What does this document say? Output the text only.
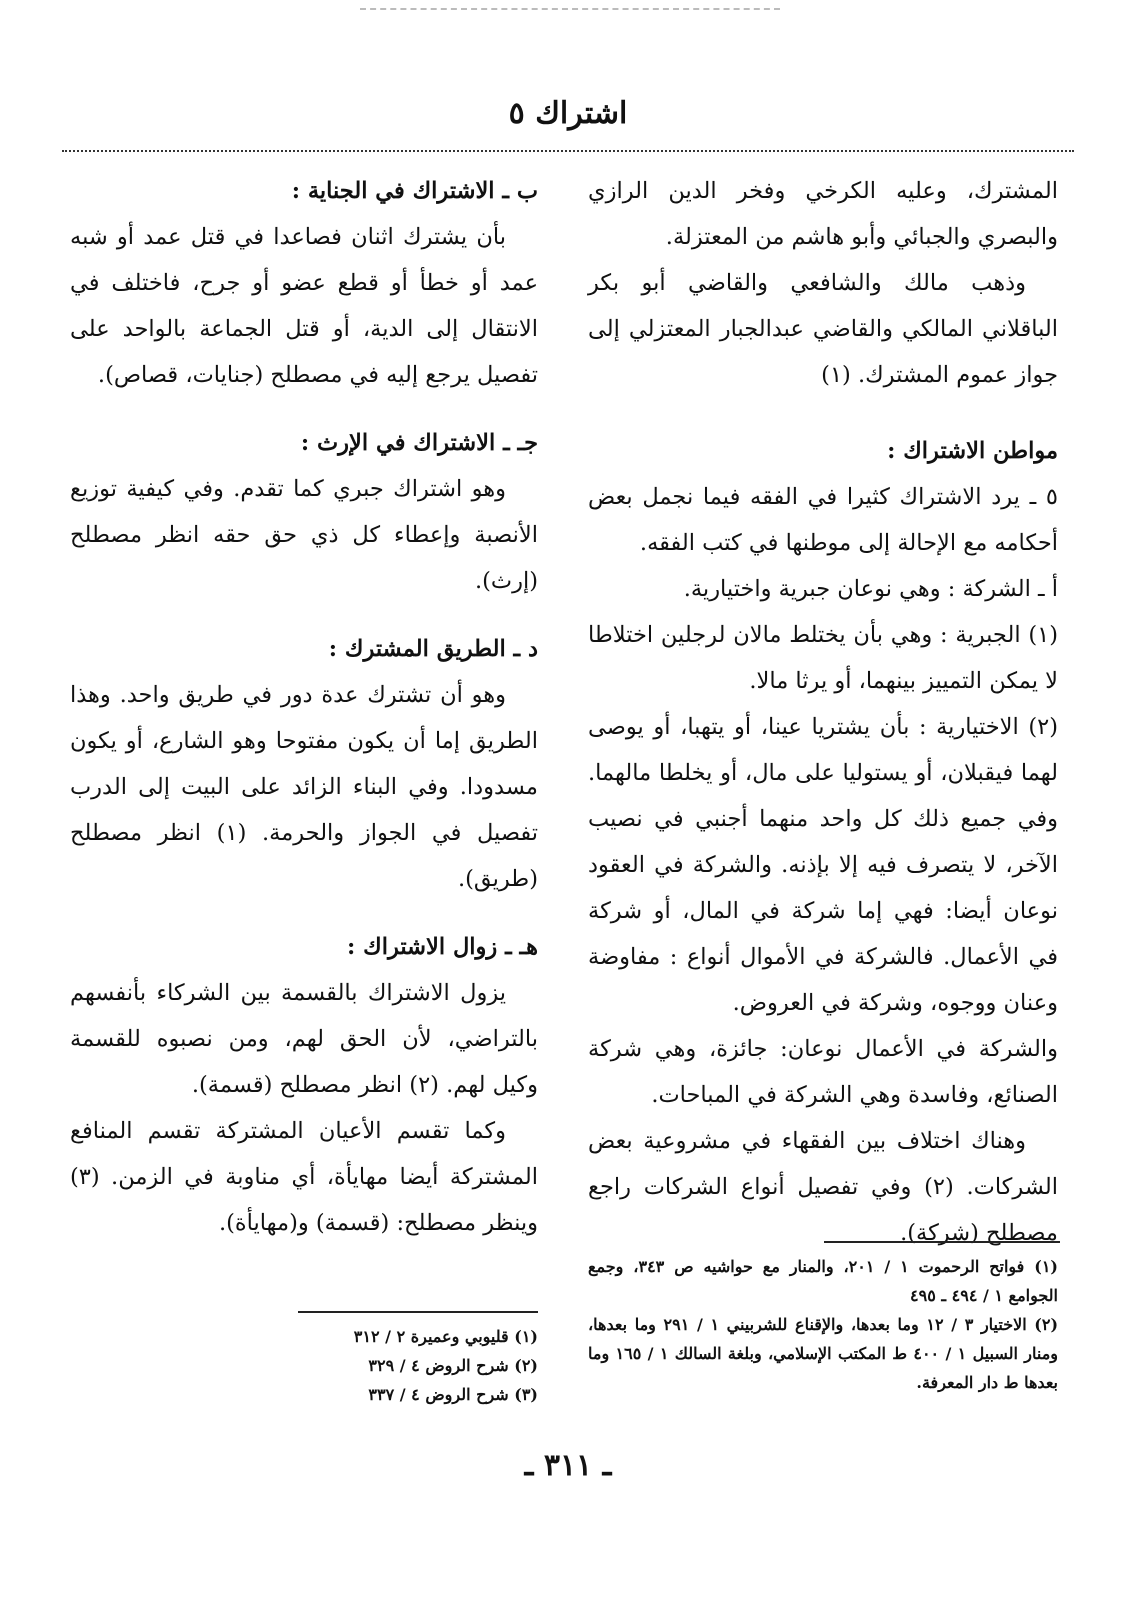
اشتراك ٥

المشترك، وعليه الكرخي وفخر الدين الرازي والبصري والجبائي وأبو هاشم من المعتزلة.

وذهب مالك والشافعي والقاضي أبو بكر الباقلاني المالكي والقاضي عبدالجبار المعتزلي إلى جواز عموم المشترك. (١)

مواطن الاشتراك :

٥ ـ يرد الاشتراك كثيرا في الفقه فيما نجمل بعض أحكامه مع الإحالة إلى موطنها في كتب الفقه.

أ ـ الشركة : وهي نوعان جبرية واختيارية.

(١) الجبرية : وهي بأن يختلط مالان لرجلين اختلاطا لا يمكن التمييز بينهما، أو يرثا مالا.

(٢) الاختيارية : بأن يشتريا عينا، أو يتهبا، أو يوصى لهما فيقبلان، أو يستوليا على مال، أو يخلطا مالهما. وفي جميع ذلك كل واحد منهما أجنبي في نصيب الآخر، لا يتصرف فيه إلا بإذنه. والشركة في العقود نوعان أيضا: فهي إما شركة في المال، أو شركة في الأعمال. فالشركة في الأموال أنواع : مفاوضة وعنان ووجوه، وشركة في العروض.

والشركة في الأعمال نوعان: جائزة، وهي شركة الصنائع، وفاسدة وهي الشركة في المباحات.

وهناك اختلاف بين الفقهاء في مشروعية بعض الشركات. (٢) وفي تفصيل أنواع الشركات راجع مصطلح (شركة).

ب ـ الاشتراك في الجناية :

بأن يشترك اثنان فصاعدا في قتل عمد أو شبه عمد أو خطأ أو قطع عضو أو جرح، فاختلف في الانتقال إلى الدية، أو قتل الجماعة بالواحد على تفصيل يرجع إليه في مصطلح (جنايات، قصاص).

جـ ـ الاشتراك في الإرث :

وهو اشتراك جبري كما تقدم. وفي كيفية توزيع الأنصبة وإعطاء كل ذي حق حقه انظر مصطلح (إرث).

د ـ الطريق المشترك :

وهو أن تشترك عدة دور في طريق واحد. وهذا الطريق إما أن يكون مفتوحا وهو الشارع، أو يكون مسدودا. وفي البناء الزائد على البيت إلى الدرب تفصيل في الجواز والحرمة. (١) انظر مصطلح (طريق).

هـ ـ زوال الاشتراك :

يزول الاشتراك بالقسمة بين الشركاء بأنفسهم بالتراضي، لأن الحق لهم، ومن نصبوه للقسمة وكيل لهم. (٢) انظر مصطلح (قسمة).

وكما تقسم الأعيان المشتركة تقسم المنافع المشتركة أيضا مهايأة، أي مناوبة في الزمن. (٣) وينظر مصطلح: (قسمة) و(مهايأة).

(١) فواتح الرحموت ١ / ٢٠١، والمنار مع حواشيه ص ٣٤٣، وجمع الجوامع ١ / ٤٩٤ ـ ٤٩٥

(٢) الاختيار ٣ / ١٢ وما بعدها، والإقناع للشربيني ١ / ٢٩١ وما بعدها، ومنار السبيل ١ / ٤٠٠ ط المكتب الإسلامي، وبلغة السالك ١ / ١٦٥ وما بعدها ط دار المعرفة.

(١) قليوبي وعميرة ٢ / ٣١٢

(٢) شرح الروض ٤ / ٣٢٩

(٣) شرح الروض ٤ / ٣٣٧

ـ ٣١١ ـ
